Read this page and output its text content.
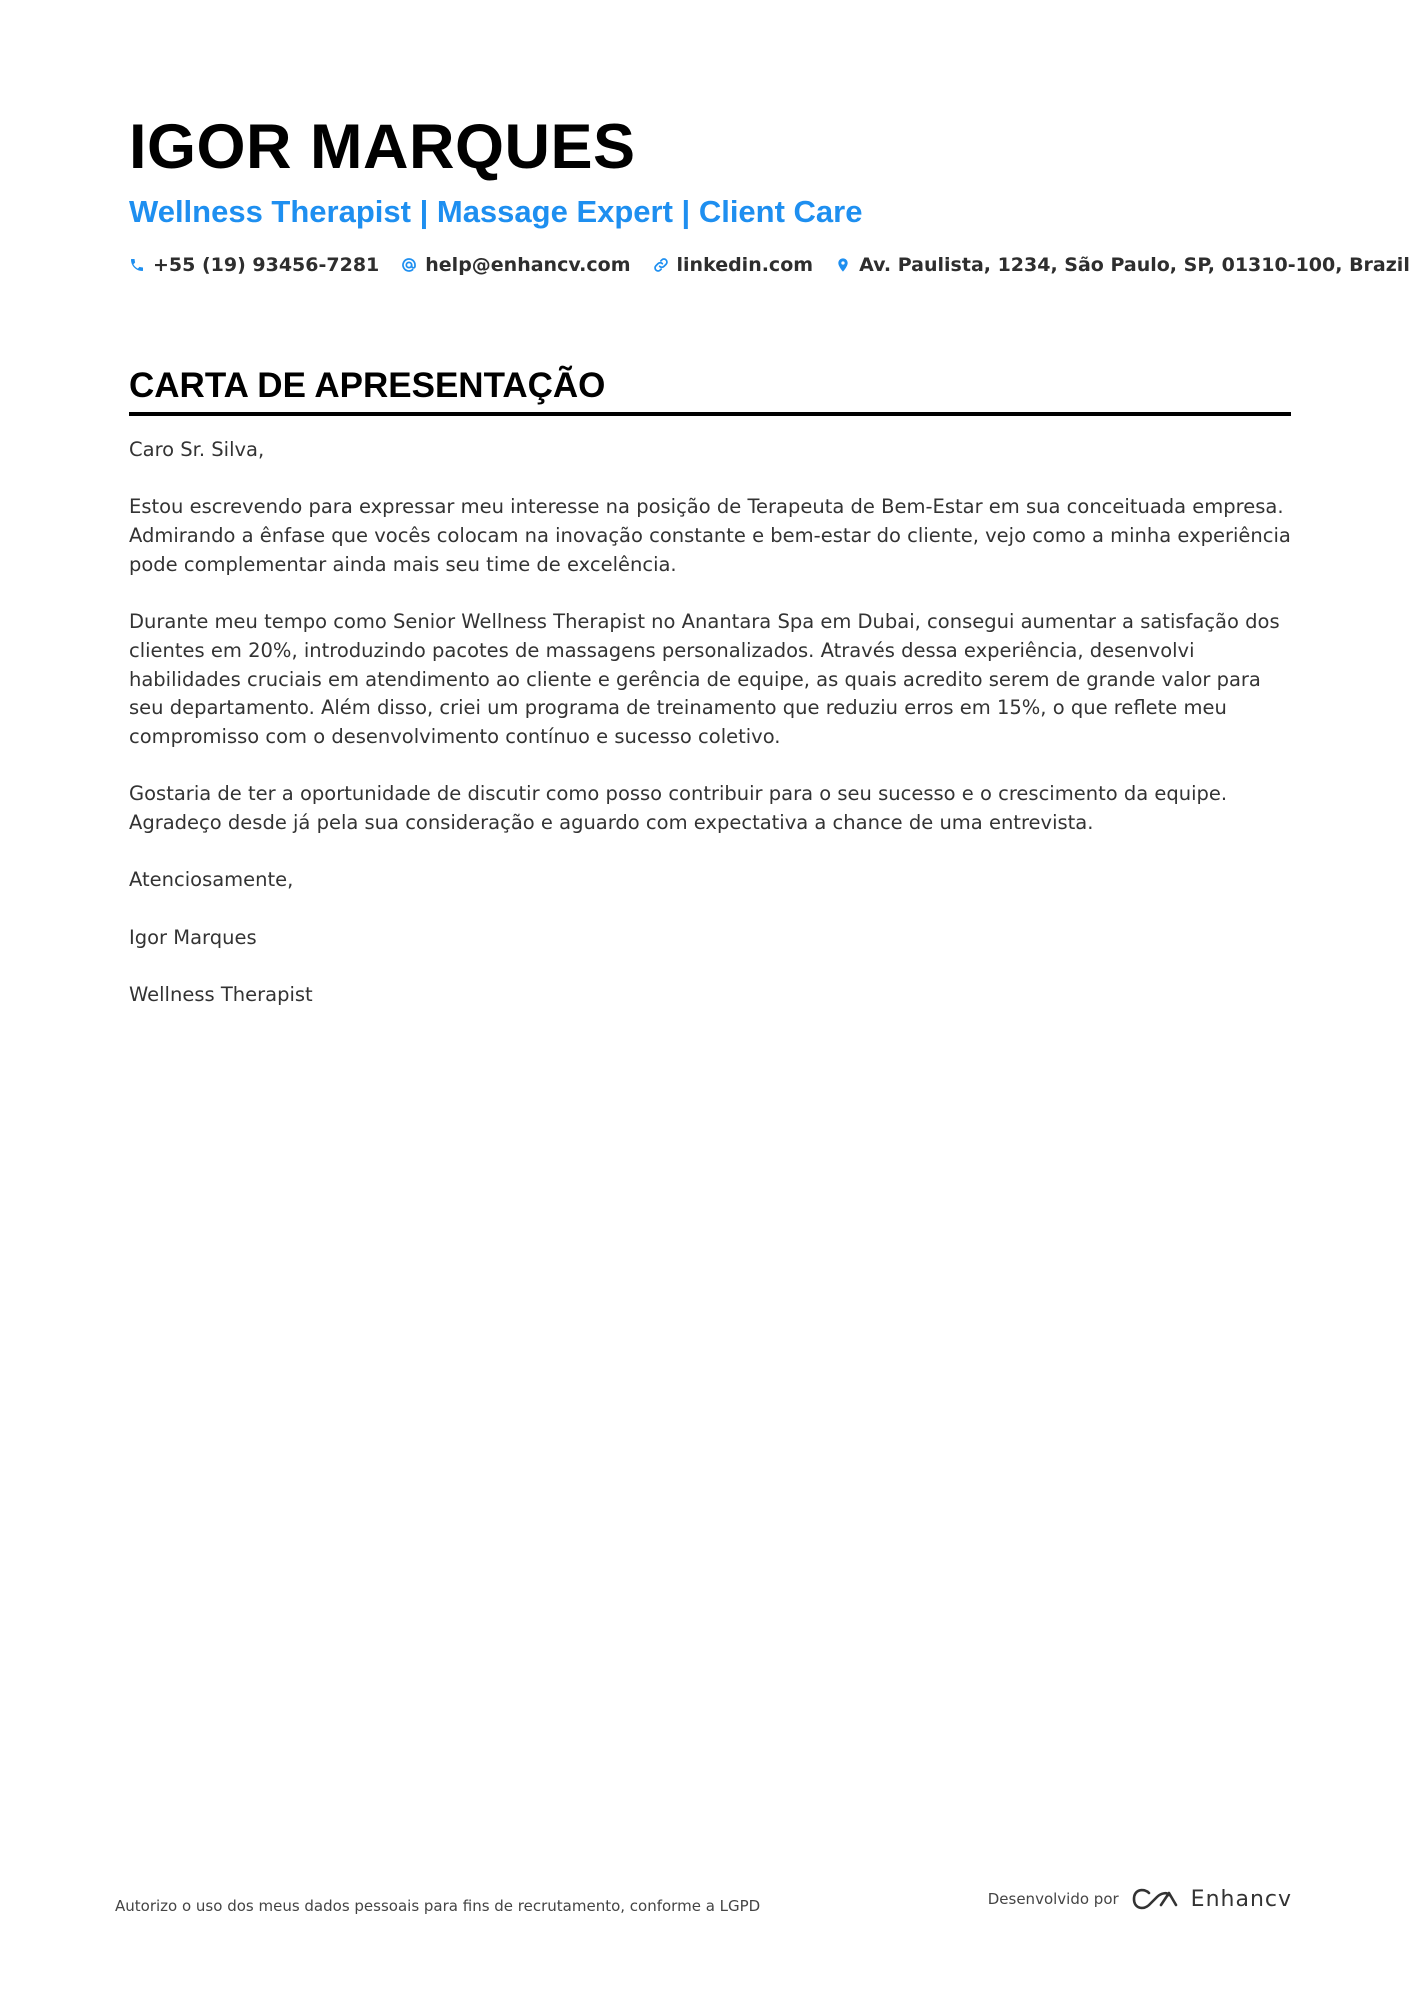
IGOR MARQUES
Wellness Therapist | Massage Expert | Client Care
+55 (19) 93456-7281 help@enhancv.com linkedin.com Av. Paulista, 1234, São Paulo, SP, 01310-100, Brazil
CARTA DE APRESENTAÇÃO

Caro Sr. Silva,

Estou escrevendo para expressar meu interesse na posição de Terapeuta de Bem-Estar em sua conceituada empresa. Admirando a ênfase que vocês colocam na inovação constante e bem-estar do cliente, vejo como a minha experiência pode complementar ainda mais seu time de excelência.

Durante meu tempo como Senior Wellness Therapist no Anantara Spa em Dubai, consegui aumentar a satisfação dos clientes em 20%, introduzindo pacotes de massagens personalizados. Através dessa experiência, desenvolvi habilidades cruciais em atendimento ao cliente e gerência de equipe, as quais acredito serem de grande valor para seu departamento. Além disso, criei um programa de treinamento que reduziu erros em 15%, o que reflete meu compromisso com o desenvolvimento contínuo e sucesso coletivo.

Gostaria de ter a oportunidade de discutir como posso contribuir para o seu sucesso e o crescimento da equipe. Agradeço desde já pela sua consideração e aguardo com expectativa a chance de uma entrevista.

Atenciosamente,

Igor Marques

Wellness Therapist

Autorizo o uso dos meus dados pessoais para fins de recrutamento, conforme a LGPD	Desenvolvido por	Enhancv
